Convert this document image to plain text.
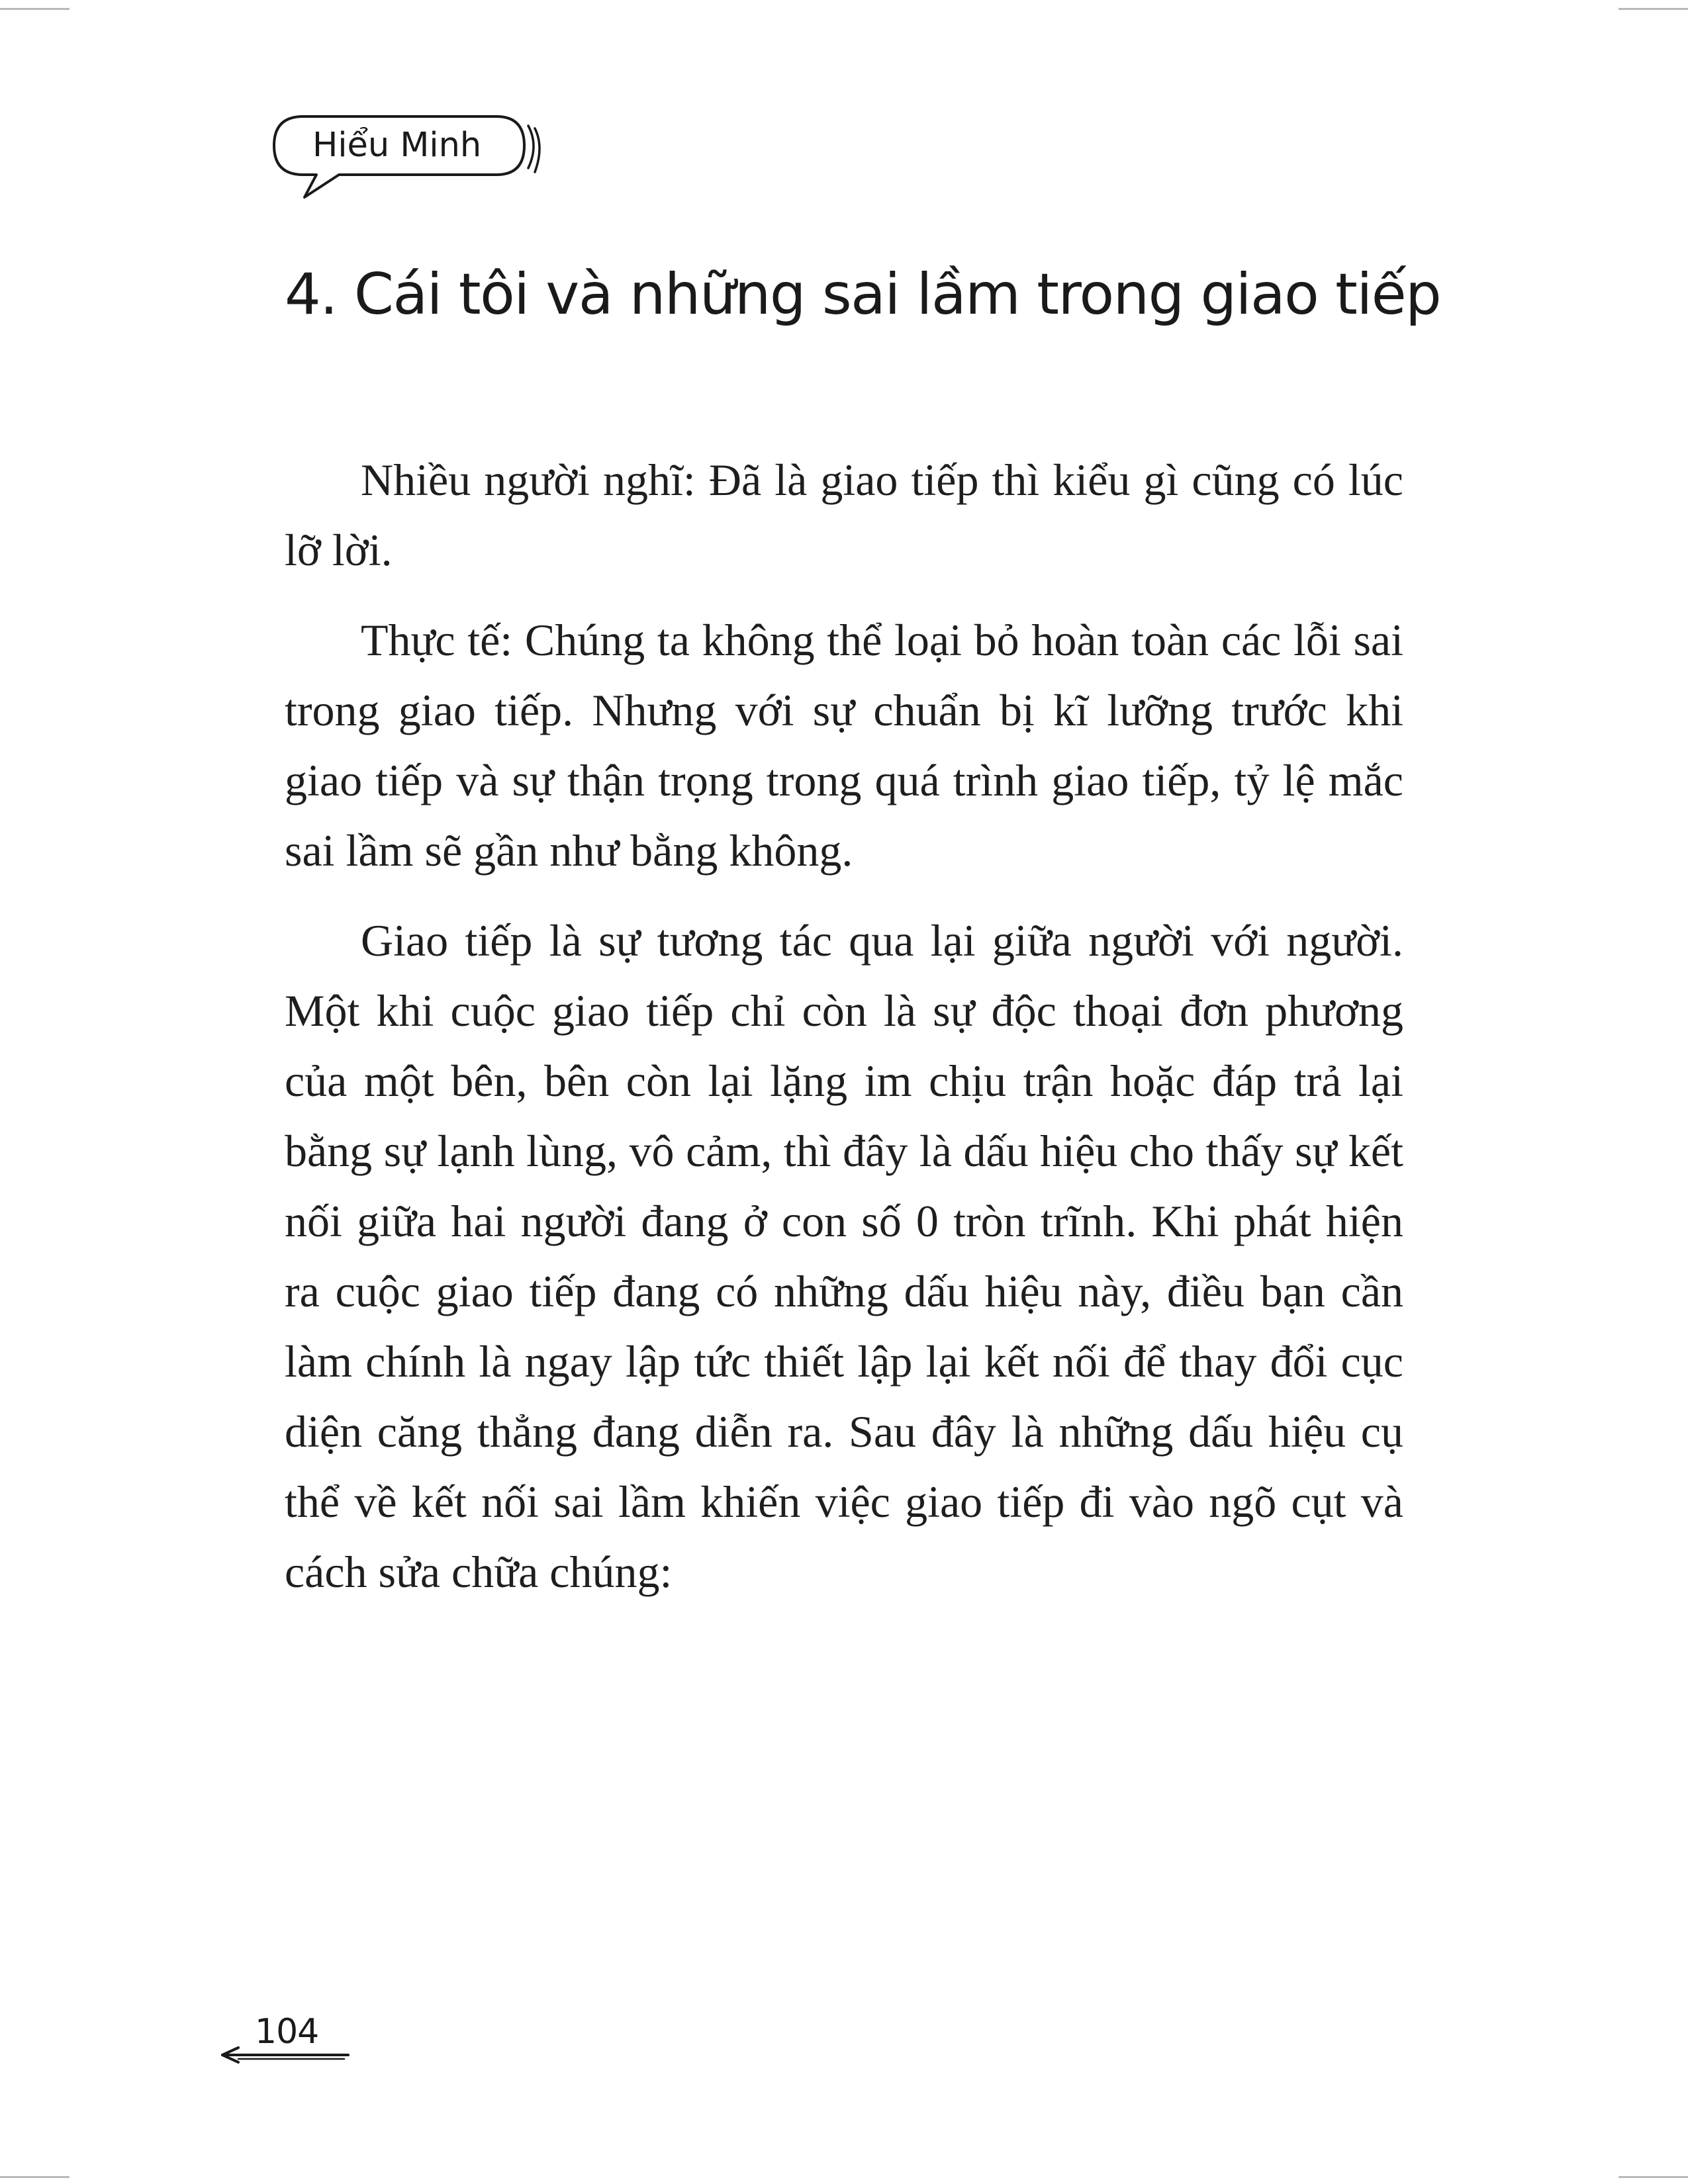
Hiểu Minh
4. Cái tôi và những sai lầm trong giao tiếp

Nhiều người nghĩ: Đã là giao tiếp thì kiểu gì cũng có lúc lỡ lời.

Thực tế: Chúng ta không thể loại bỏ hoàn toàn các lỗi sai trong giao tiếp. Nhưng với sự chuẩn bị kĩ lưỡng trước khi giao tiếp và sự thận trọng trong quá trình giao tiếp, tỷ lệ mắc sai lầm sẽ gần như bằng không.

Giao tiếp là sự tương tác qua lại giữa người với người. Một khi cuộc giao tiếp chỉ còn là sự độc thoại đơn phương của một bên, bên còn lại lặng im chịu trận hoặc đáp trả lại bằng sự lạnh lùng, vô cảm, thì đây là dấu hiệu cho thấy sự kết nối giữa hai người đang ở con số 0 tròn trĩnh. Khi phát hiện ra cuộc giao tiếp đang có những dấu hiệu này, điều bạn cần làm chính là ngay lập tức thiết lập lại kết nối để thay đổi cục diện căng thẳng đang diễn ra. Sau đây là những dấu hiệu cụ thể về kết nối sai lầm khiến việc giao tiếp đi vào ngõ cụt và cách sửa chữa chúng:

104
